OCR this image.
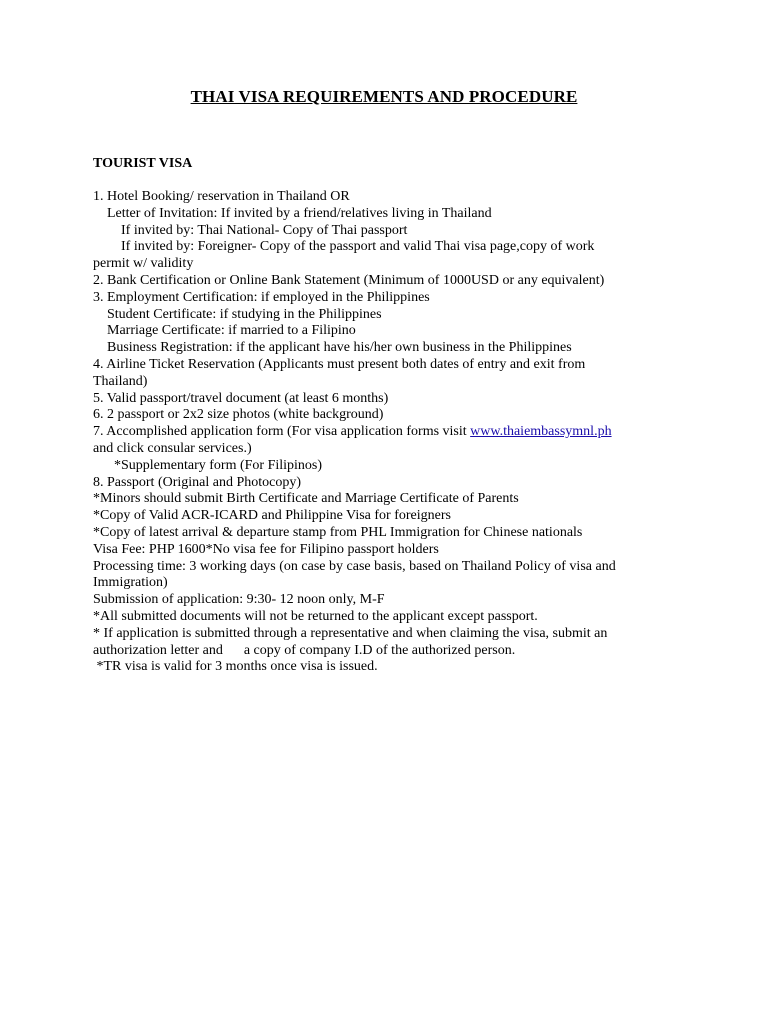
THAI VISA REQUIREMENTS AND PROCEDURE
TOURIST VISA
1. Hotel Booking/ reservation in Thailand OR
Letter of Invitation: If invited by a friend/relatives living in Thailand
If invited by: Thai National- Copy of Thai passport
If invited by: Foreigner- Copy of the passport and valid Thai visa page,copy of work
permit w/ validity
2. Bank Certification or Online Bank Statement (Minimum of 1000USD or any equivalent)
3. Employment Certification: if employed in the Philippines
Student Certificate: if studying in the Philippines
Marriage Certificate: if married to a Filipino
Business Registration: if the applicant have his/her own business in the Philippines
4. Airline Ticket Reservation (Applicants must present both dates of entry and exit from
Thailand)
5. Valid passport/travel document (at least 6 months)
6. 2 passport or 2x2 size photos (white background)
7. Accomplished application form (For visa application forms visit www.thaiembassymnl.ph
and click consular services.)
*Supplementary form (For Filipinos)
8. Passport (Original and Photocopy)
*Minors should submit Birth Certificate and Marriage Certificate of Parents
*Copy of Valid ACR-ICARD and Philippine Visa for foreigners
*Copy of latest arrival & departure stamp from PHL Immigration for Chinese nationals
Visa Fee: PHP 1600*No visa fee for Filipino passport holders
Processing time: 3 working days (on case by case basis, based on Thailand Policy of visa and
Immigration)
Submission of application: 9:30- 12 noon only, M-F
*All submitted documents will not be returned to the applicant except passport.
* If application is submitted through a representative and when claiming the visa, submit an
authorization letter and      a copy of company I.D of the authorized person.
*TR visa is valid for 3 months once visa is issued.
